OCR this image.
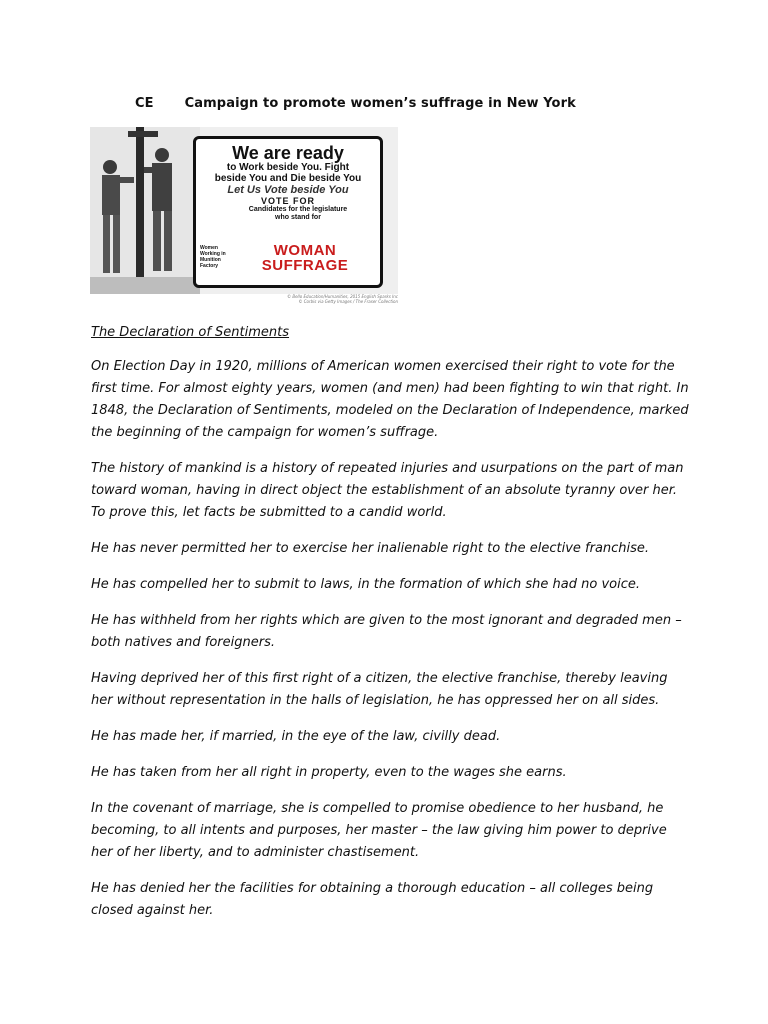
CE Campaign to promote women’s suffrage in New York
We are ready
to Work beside You. Fight
beside You and Die beside You
Let Us Vote beside You
VOTE FOR
Candidates for the legislature
who stand for
Women Working in Munition Factory
WOMAN
SUFFRAGE
© Bello Education/Humanities, 2015 English Sparks Inc
© Corbis via Getty Images / The Fraser Collection
The Declaration of Sentiments

On Election Day in 1920, millions of American women exercised their right to vote for the first time. For almost eighty years, women (and men) had been fighting to win that right. In 1848, the Declaration of Sentiments, modeled on the Declaration of Independence, marked the beginning of the campaign for women’s suffrage.

The history of mankind is a history of repeated injuries and usurpations on the part of man toward woman, having in direct object the establishment of an absolute tyranny over her. To prove this, let facts be submitted to a candid world.

He has never permitted her to exercise her inalienable right to the elective franchise.

He has compelled her to submit to laws, in the formation of which she had no voice.

He has withheld from her rights which are given to the most ignorant and degraded men – both natives and foreigners.

Having deprived her of this first right of a citizen, the elective franchise, thereby leaving her without representation in the halls of legislation, he has oppressed her on all sides.

He has made her, if married, in the eye of the law, civilly dead.

He has taken from her all right in property, even to the wages she earns.

In the covenant of marriage, she is compelled to promise obedience to her husband, he becoming, to all intents and purposes, her master – the law giving him power to deprive her of her liberty, and to administer chastisement.

He has denied her the facilities for obtaining a thorough education – all colleges being closed against her.
